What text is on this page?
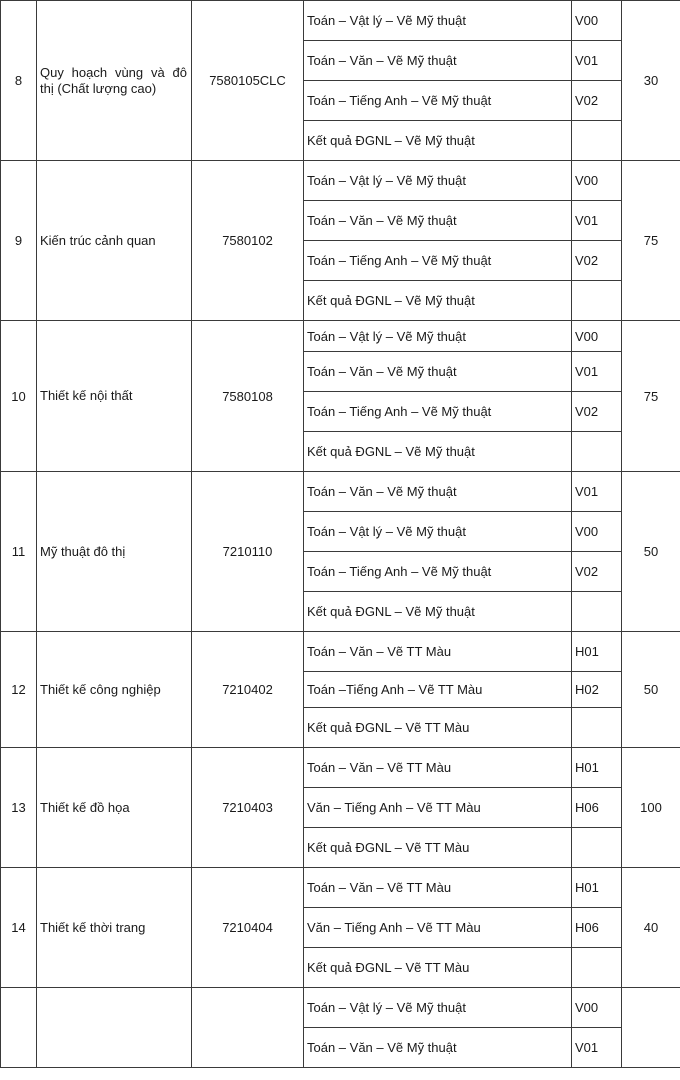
8	Quy hoạch vùng và đô thị (Chất lượng cao)	7580105CLC	Toán – Vật lý – Vẽ Mỹ thuật	V00	30
			Toán – Văn – Vẽ Mỹ thuật	V01	
			Toán – Tiếng Anh – Vẽ Mỹ thuật	V02	
			Kết quả ĐGNL – Vẽ Mỹ thuật		
9	Kiến trúc cảnh quan	7580102	Toán – Vật lý – Vẽ Mỹ thuật	V00	75
			Toán – Văn – Vẽ Mỹ thuật	V01	
			Toán – Tiếng Anh – Vẽ Mỹ thuật	V02	
			Kết quả ĐGNL – Vẽ Mỹ thuật		
10	Thiết kế nội thất	7580108	Toán – Vật lý – Vẽ Mỹ thuật	V00	75
			Toán – Văn – Vẽ Mỹ thuật	V01	
			Toán – Tiếng Anh – Vẽ Mỹ thuật	V02	
			Kết quả ĐGNL – Vẽ Mỹ thuật		
11	Mỹ thuật đô thị	7210110	Toán – Văn – Vẽ Mỹ thuật	V01	50
			Toán – Vật lý – Vẽ Mỹ thuật	V00	
			Toán – Tiếng Anh – Vẽ Mỹ thuật	V02	
			Kết quả ĐGNL – Vẽ Mỹ thuật		
12	Thiết kế công nghiệp	7210402	Toán – Văn – Vẽ TT Màu	H01	50
			Toán –Tiếng Anh – Vẽ TT Màu	H02	
			Kết quả ĐGNL – Vẽ TT Màu		
13	Thiết kế đồ họa	7210403	Toán – Văn – Vẽ TT Màu	H01	100
			Văn – Tiếng Anh – Vẽ TT Màu	H06	
			Kết quả ĐGNL – Vẽ TT Màu		
14	Thiết kế thời trang	7210404	Toán – Văn – Vẽ TT Màu	H01	40
			Văn – Tiếng Anh – Vẽ TT Màu	H06	
			Kết quả ĐGNL – Vẽ TT Màu		
			Toán – Vật lý – Vẽ Mỹ thuật	V00	
			Toán – Văn – Vẽ Mỹ thuật	V01	
